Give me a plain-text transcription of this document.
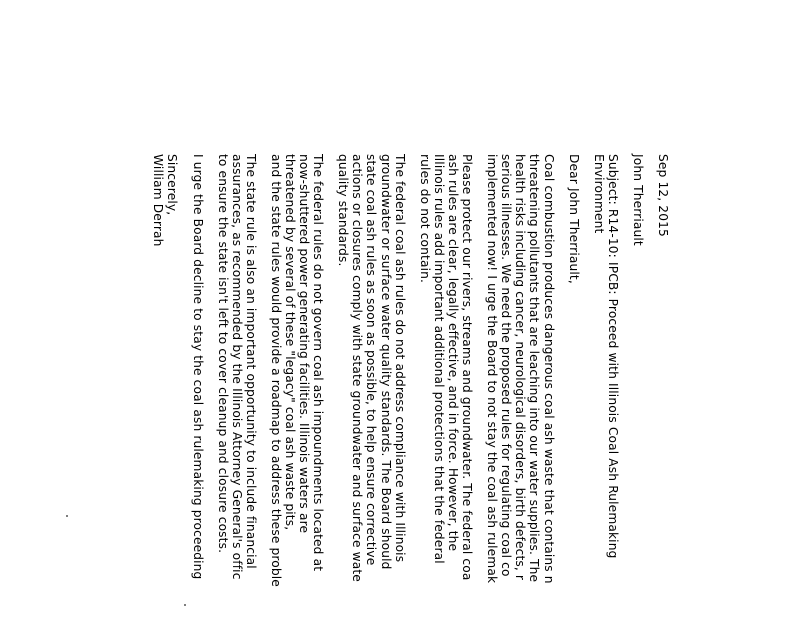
Sep 12, 2015

John Therriault

Subject: R14-10: IPCB: Proceed with Illinois Coal Ash Rulemaking
Environment

Dear John Therriault,

Coal combustion produces dangerous coal ash waste that contains n
threatening pollutants that are leaching into our water supplies. The
health risks including cancer, neurological disorders, birth defects, r
serious illnesses. We need the proposed rules for regulating coal co
implemented now! I urge the Board to not stay the coal ash rulemak

Please protect our rivers, streams and groundwater. The federal coa
ash rules are clear, legally effective, and in force. However, the
Illinois rules add important additional protections that the federal
rules do not contain.

The federal coal ash rules do not address compliance with Illinois
groundwater or surface water quality standards. The Board should
state coal ash rules as soon as possible, to help ensure corrective
actions or closures comply with state groundwater and surface wate
quality standards.

The federal rules do not govern coal ash impoundments located at
now-shuttered power generating facilities. Illinois waters are
threatened by several of these "legacy" coal ash waste pits,
and the state rules would provide a roadmap to address these proble

The state rule is also an important opportunity to include financial
assurances, as recommended by the Illinois Attorney General's offic
to ensure the state isn't left to cover cleanup and closure costs.

I urge the Board decline to stay the coal ash rulemaking proceeding

Sincerely,
William Derrah
